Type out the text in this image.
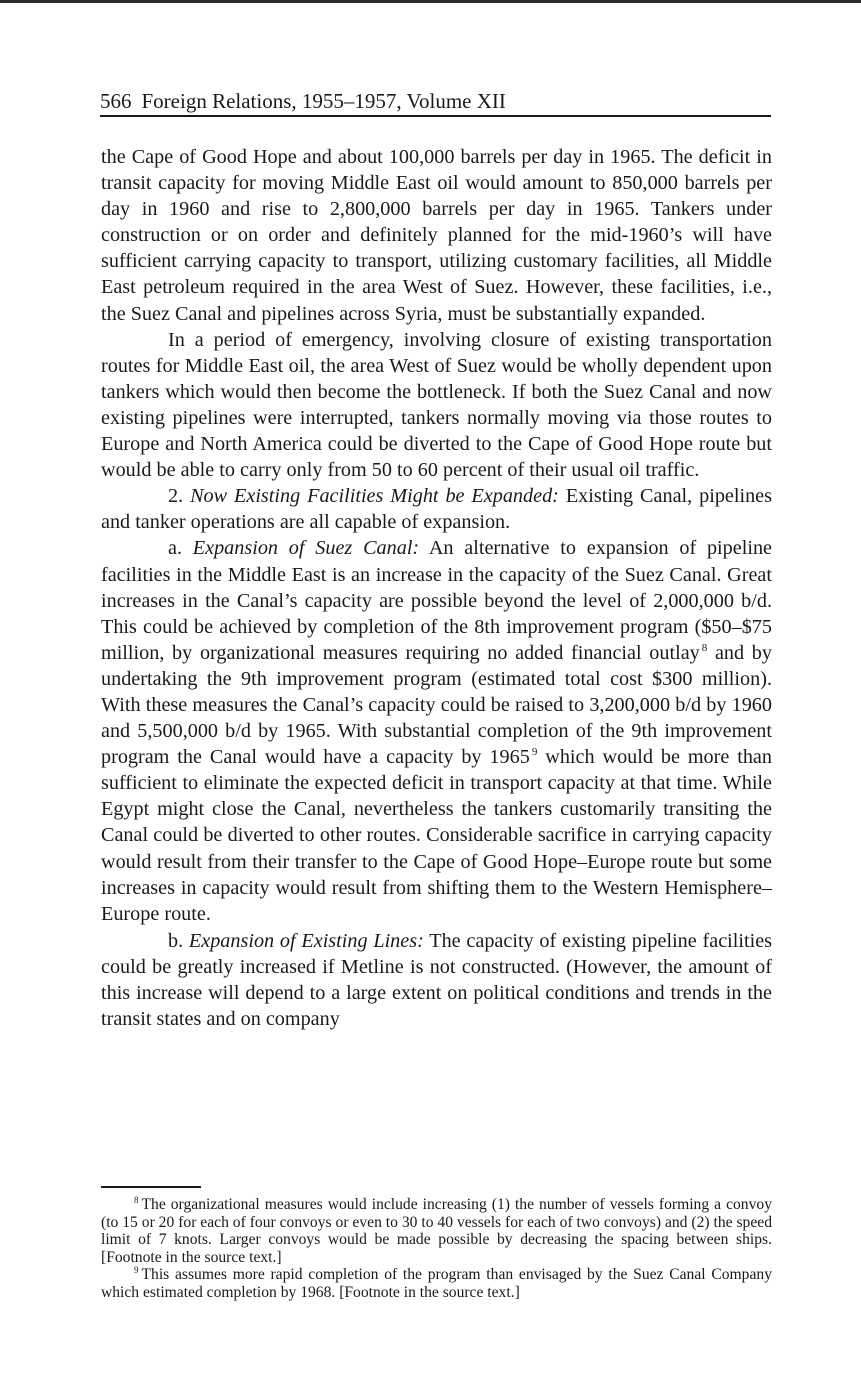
566 Foreign Relations, 1955–1957, Volume XII

the Cape of Good Hope and about 100,000 barrels per day in 1965. The deficit in transit capacity for moving Middle East oil would amount to 850,000 barrels per day in 1960 and rise to 2,800,000 barrels per day in 1965. Tankers under construction or on order and definitely planned for the mid-1960’s will have sufficient carrying capacity to transport, utilizing customary facilities, all Middle East petroleum required in the area West of Suez. However, these facilities, i.e., the Suez Canal and pipelines across Syria, must be substantially expanded.

In a period of emergency, involving closure of existing transportation routes for Middle East oil, the area West of Suez would be wholly dependent upon tankers which would then become the bottleneck. If both the Suez Canal and now existing pipelines were interrupted, tankers normally moving via those routes to Europe and North America could be diverted to the Cape of Good Hope route but would be able to carry only from 50 to 60 percent of their usual oil traffic.

2. Now Existing Facilities Might be Expanded: Existing Canal, pipelines and tanker operations are all capable of expansion.

a. Expansion of Suez Canal: An alternative to expansion of pipeline facilities in the Middle East is an increase in the capacity of the Suez Canal. Great increases in the Canal’s capacity are possible beyond the level of 2,000,000 b/d. This could be achieved by completion of the 8th improvement program ($50–$75 million, by organizational measures requiring no added financial outlay $^8$ and by undertaking the 9th improvement program (estimated total cost $300 million). With these measures the Canal’s capacity could be raised to 3,200,000 b/d by 1960 and 5,500,000 b/d by 1965. With substantial completion of the 9th improvement program the Canal would have a capacity by 1965 $^9$ which would be more than sufficient to eliminate the expected deficit in transport capacity at that time. While Egypt might close the Canal, nevertheless the tankers customarily transiting the Canal could be diverted to other routes. Considerable sacrifice in carrying capacity would result from their transfer to the Cape of Good Hope–Europe route but some increases in capacity would result from shifting them to the Western Hemisphere–Europe route.

b. Expansion of Existing Lines: The capacity of existing pipeline facilities could be greatly increased if Metline is not constructed. (However, the amount of this increase will depend to a large extent on political conditions and trends in the transit states and on company

$^8$ The organizational measures would include increasing (1) the number of vessels forming a convoy (to 15 or 20 for each of four convoys or even to 30 to 40 vessels for each of two convoys) and (2) the speed limit of 7 knots. Larger convoys would be made possible by decreasing the spacing between ships. [Footnote in the source text.]

$^9$ This assumes more rapid completion of the program than envisaged by the Suez Canal Company which estimated completion by 1968. [Footnote in the source text.]
